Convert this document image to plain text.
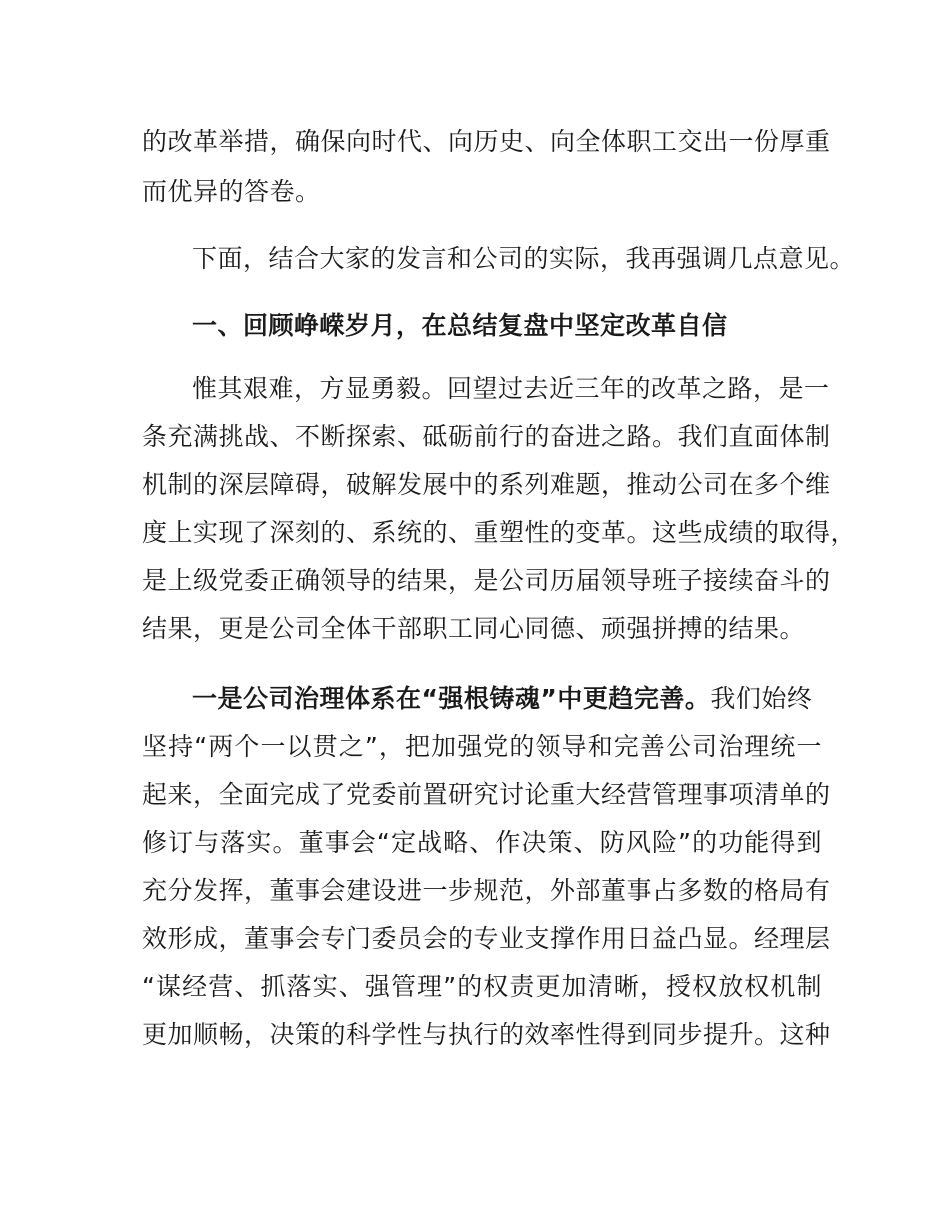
的改革举措，确保向时代、向历史、向全体职工交出一份厚重
而优异的答卷。
下面，结合大家的发言和公司的实际，我再强调几点意见。
一、回顾峥嵘岁月，在总结复盘中坚定改革自信
惟其艰难，方显勇毅。回望过去近三年的改革之路，是一
条充满挑战、不断探索、砥砺前行的奋进之路。我们直面体制
机制的深层障碍，破解发展中的系列难题，推动公司在多个维
度上实现了深刻的、系统的、重塑性的变革。这些成绩的取得，
是上级党委正确领导的结果，是公司历届领导班子接续奋斗的
结果，更是公司全体干部职工同心同德、顽强拼搏的结果。
一是公司治理体系在“强根铸魂”中更趋完善。我们始终
坚持“两个一以贯之”，把加强党的领导和完善公司治理统一
起来，全面完成了党委前置研究讨论重大经营管理事项清单的
修订与落实。董事会“定战略、作决策、防风险”的功能得到
充分发挥，董事会建设进一步规范，外部董事占多数的格局有
效形成，董事会专门委员会的专业支撑作用日益凸显。经理层
“谋经营、抓落实、强管理”的权责更加清晰，授权放权机制
更加顺畅，决策的科学性与执行的效率性得到同步提升。这种
